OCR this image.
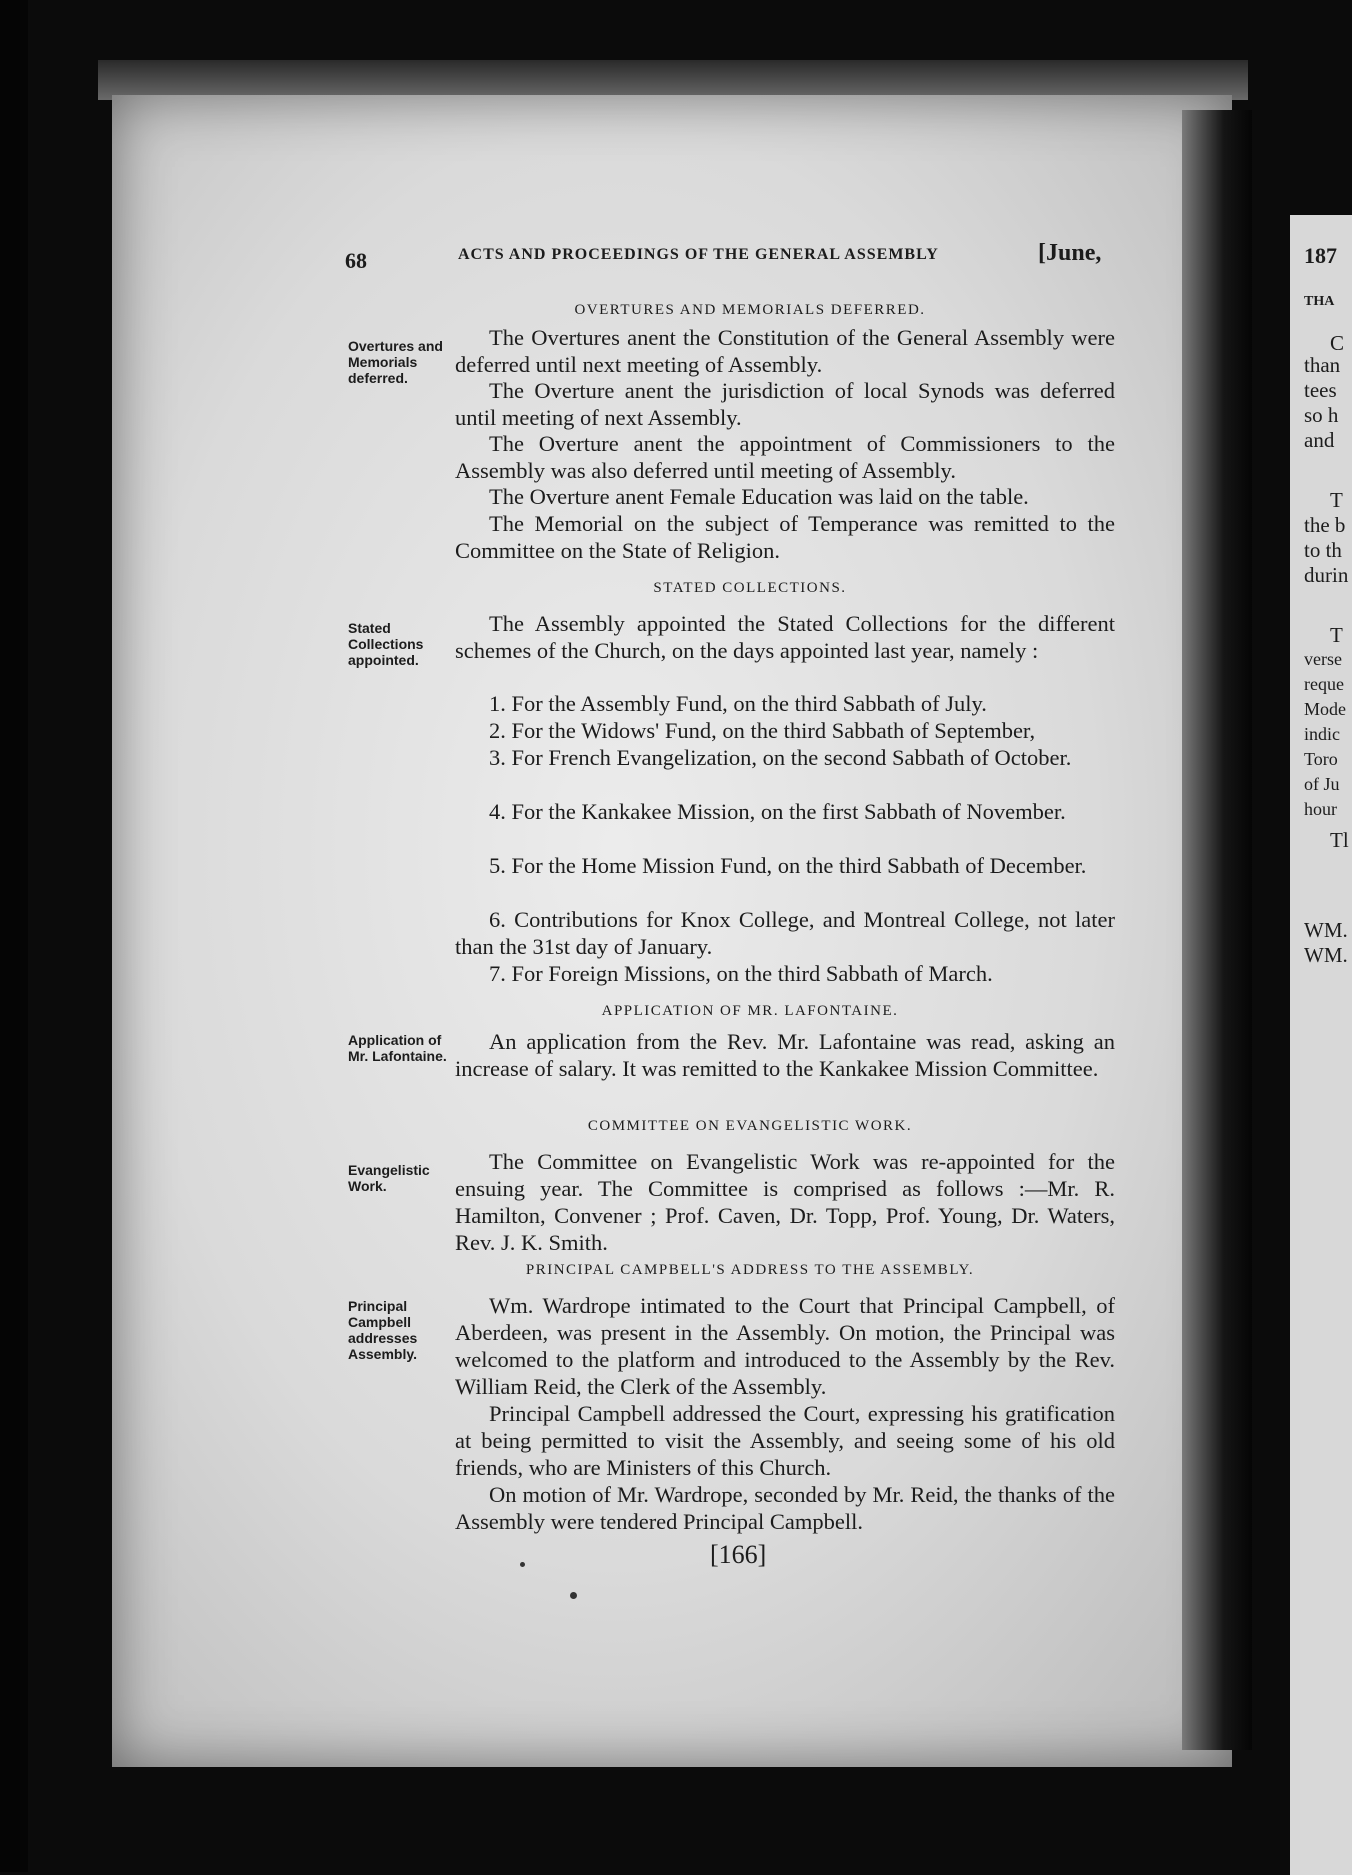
68	ACTS AND PROCEEDINGS OF THE GENERAL ASSEMBLY	[June,
OVERTURES AND MEMORIALS DEFERRED.
Overtures and Memorials deferred.
The Overtures anent the Constitution of the General Assembly were deferred until next meeting of Assembly.
The Overture anent the jurisdiction of local Synods was deferred until meeting of next Assembly.
The Overture anent the appointment of Commissioners to the Assembly was also deferred until meeting of Assembly.
The Overture anent Female Education was laid on the table.
The Memorial on the subject of Temperance was remitted to the Committee on the State of Religion.
STATED COLLECTIONS.
Stated Collections appointed.
The Assembly appointed the Stated Collections for the different schemes of the Church, on the days appointed last year, namely :
1. For the Assembly Fund, on the third Sabbath of July.
2. For the Widows' Fund, on the third Sabbath of September,
3. For French Evangelization, on the second Sabbath of October.
4. For the Kankakee Mission, on the first Sabbath of November.
5. For the Home Mission Fund, on the third Sabbath of December.
6. Contributions for Knox College, and Montreal College, not later than the 31st day of January.
7. For Foreign Missions, on the third Sabbath of March.
APPLICATION OF MR. LAFONTAINE.
Application of Mr. Lafontaine.
An application from the Rev. Mr. Lafontaine was read, asking an increase of salary. It was remitted to the Kankakee Mission Committee.
COMMITTEE ON EVANGELISTIC WORK.
Evangelistic Work.
The Committee on Evangelistic Work was re-appointed for the ensuing year. The Committee is comprised as follows :—Mr. R. Hamilton, Convener ; Prof. Caven, Dr. Topp, Prof. Young, Dr. Waters, Rev. J. K. Smith.
PRINCIPAL CAMPBELL'S ADDRESS TO THE ASSEMBLY.
Principal Campbell addresses Assembly.
Wm. Wardrope intimated to the Court that Principal Campbell, of Aberdeen, was present in the Assembly. On motion, the Principal was welcomed to the platform and introduced to the Assembly by the Rev. William Reid, the Clerk of the Assembly.
Principal Campbell addressed the Court, expressing his gratification at being permitted to visit the Assembly, and seeing some of his old friends, who are Ministers of this Church.
On motion of Mr. Wardrope, seconded by Mr. Reid, the thanks of the Assembly were tendered Principal Campbell.
[166]
187
THA
C
than
tees
so h
and
T
the b
to th
durin
T
verse
reque
Mode
indic
Toro
of Ju
hour
Tl
WM.
WM.
